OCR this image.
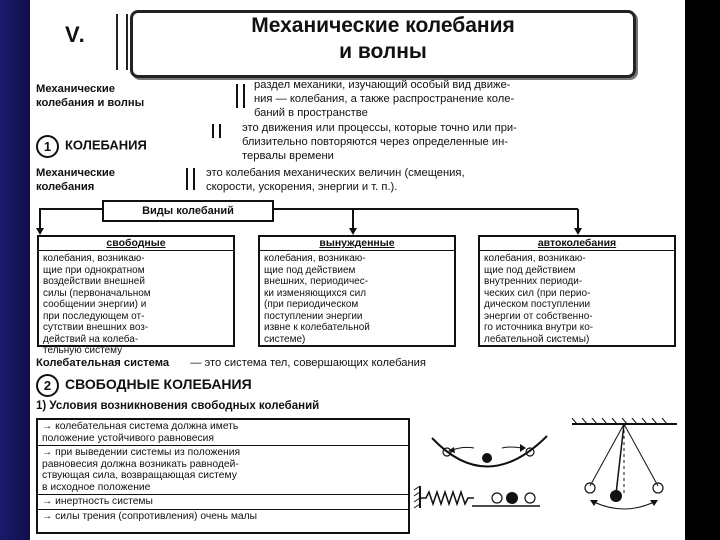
V.	Механические колебания
и волны
Механические
колебания и волны
раздел механики, изучающий особый вид движе-
ния — колебания, а также распространение коле-
баний в пространстве

1 КОЛЕБАНИЯ

это движения или процессы, которые точно или при-
близительно повторяются через определенные ин-
тервалы времени
Механические
колебания
это колебания механических величин (смещения,
скорости, ускорения, энергии и т. п.).
Виды колебаний
свободные
колебания, возникаю-
щие при однократном
воздействии внешней
силы (первоначальном
сообщении энергии) и
при последующем от-
сутствии внешних воз-
действий на колеба-
тельную систему
вынужденные
колебания, возникаю-
щие под действием
внешних, периодичес-
ки изменяющихся сил
(при периодическом
поступлении энергии
извне к колебательной
системе)
автоколебания
колебания, возникаю-
щие под действием
внутренних периоди-
ческих сил (при перио-
дическом поступлении
энергии от собственно-
го источника внутри ко-
лебательной системы)
Колебательная система — это система тел, совершающих колебания
2 СВОБОДНЫЕ КОЛЕБАНИЯ
1) Условия возникновения свободных колебаний
→ колебательная система должна иметь
положение устойчивого равновесия
→ при выведении системы из положения
равновесия должна возникать равнодей-
ствующая сила, возвращающая систему
в исходное положение
→ инертность системы
→ силы трения (сопротивления) очень малы
